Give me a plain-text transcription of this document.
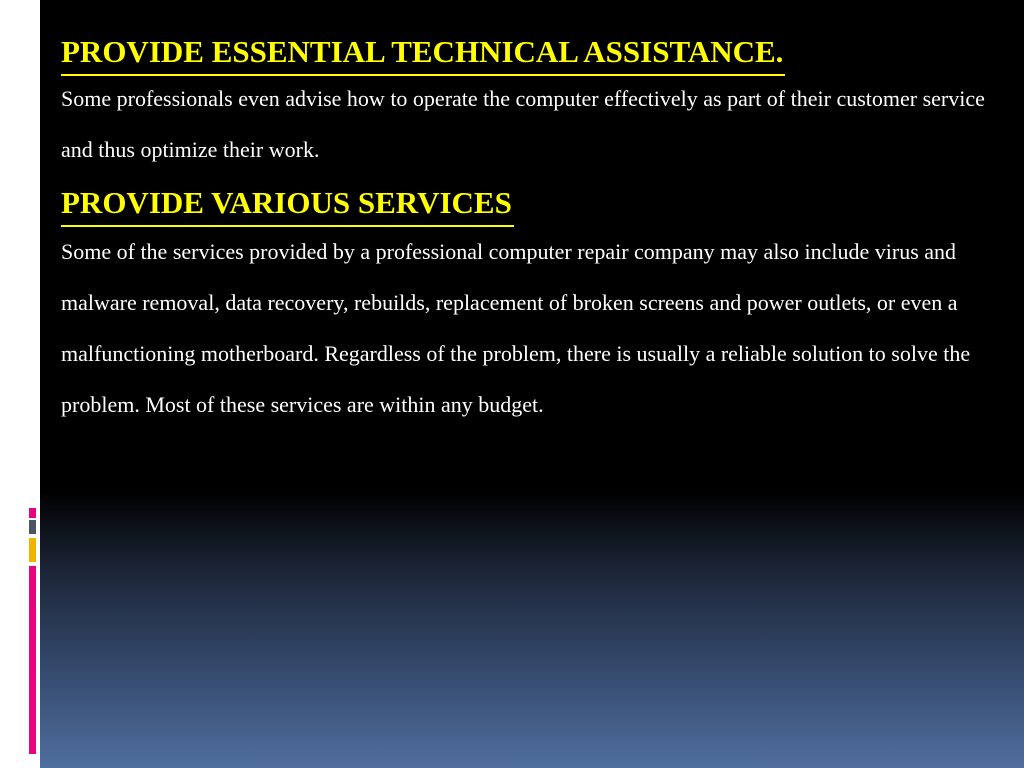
PROVIDE ESSENTIAL TECHNICAL ASSISTANCE.

Some professionals even advise how to operate the computer effectively as part of their customer service and thus optimize their work.

PROVIDE VARIOUS SERVICES

Some of the services provided by a professional computer repair company may also include virus and malware removal, data recovery, rebuilds, replacement of broken screens and power outlets, or even a malfunctioning motherboard. Regardless of the problem, there is usually a reliable solution to solve the problem. Most of these services are within any budget.
